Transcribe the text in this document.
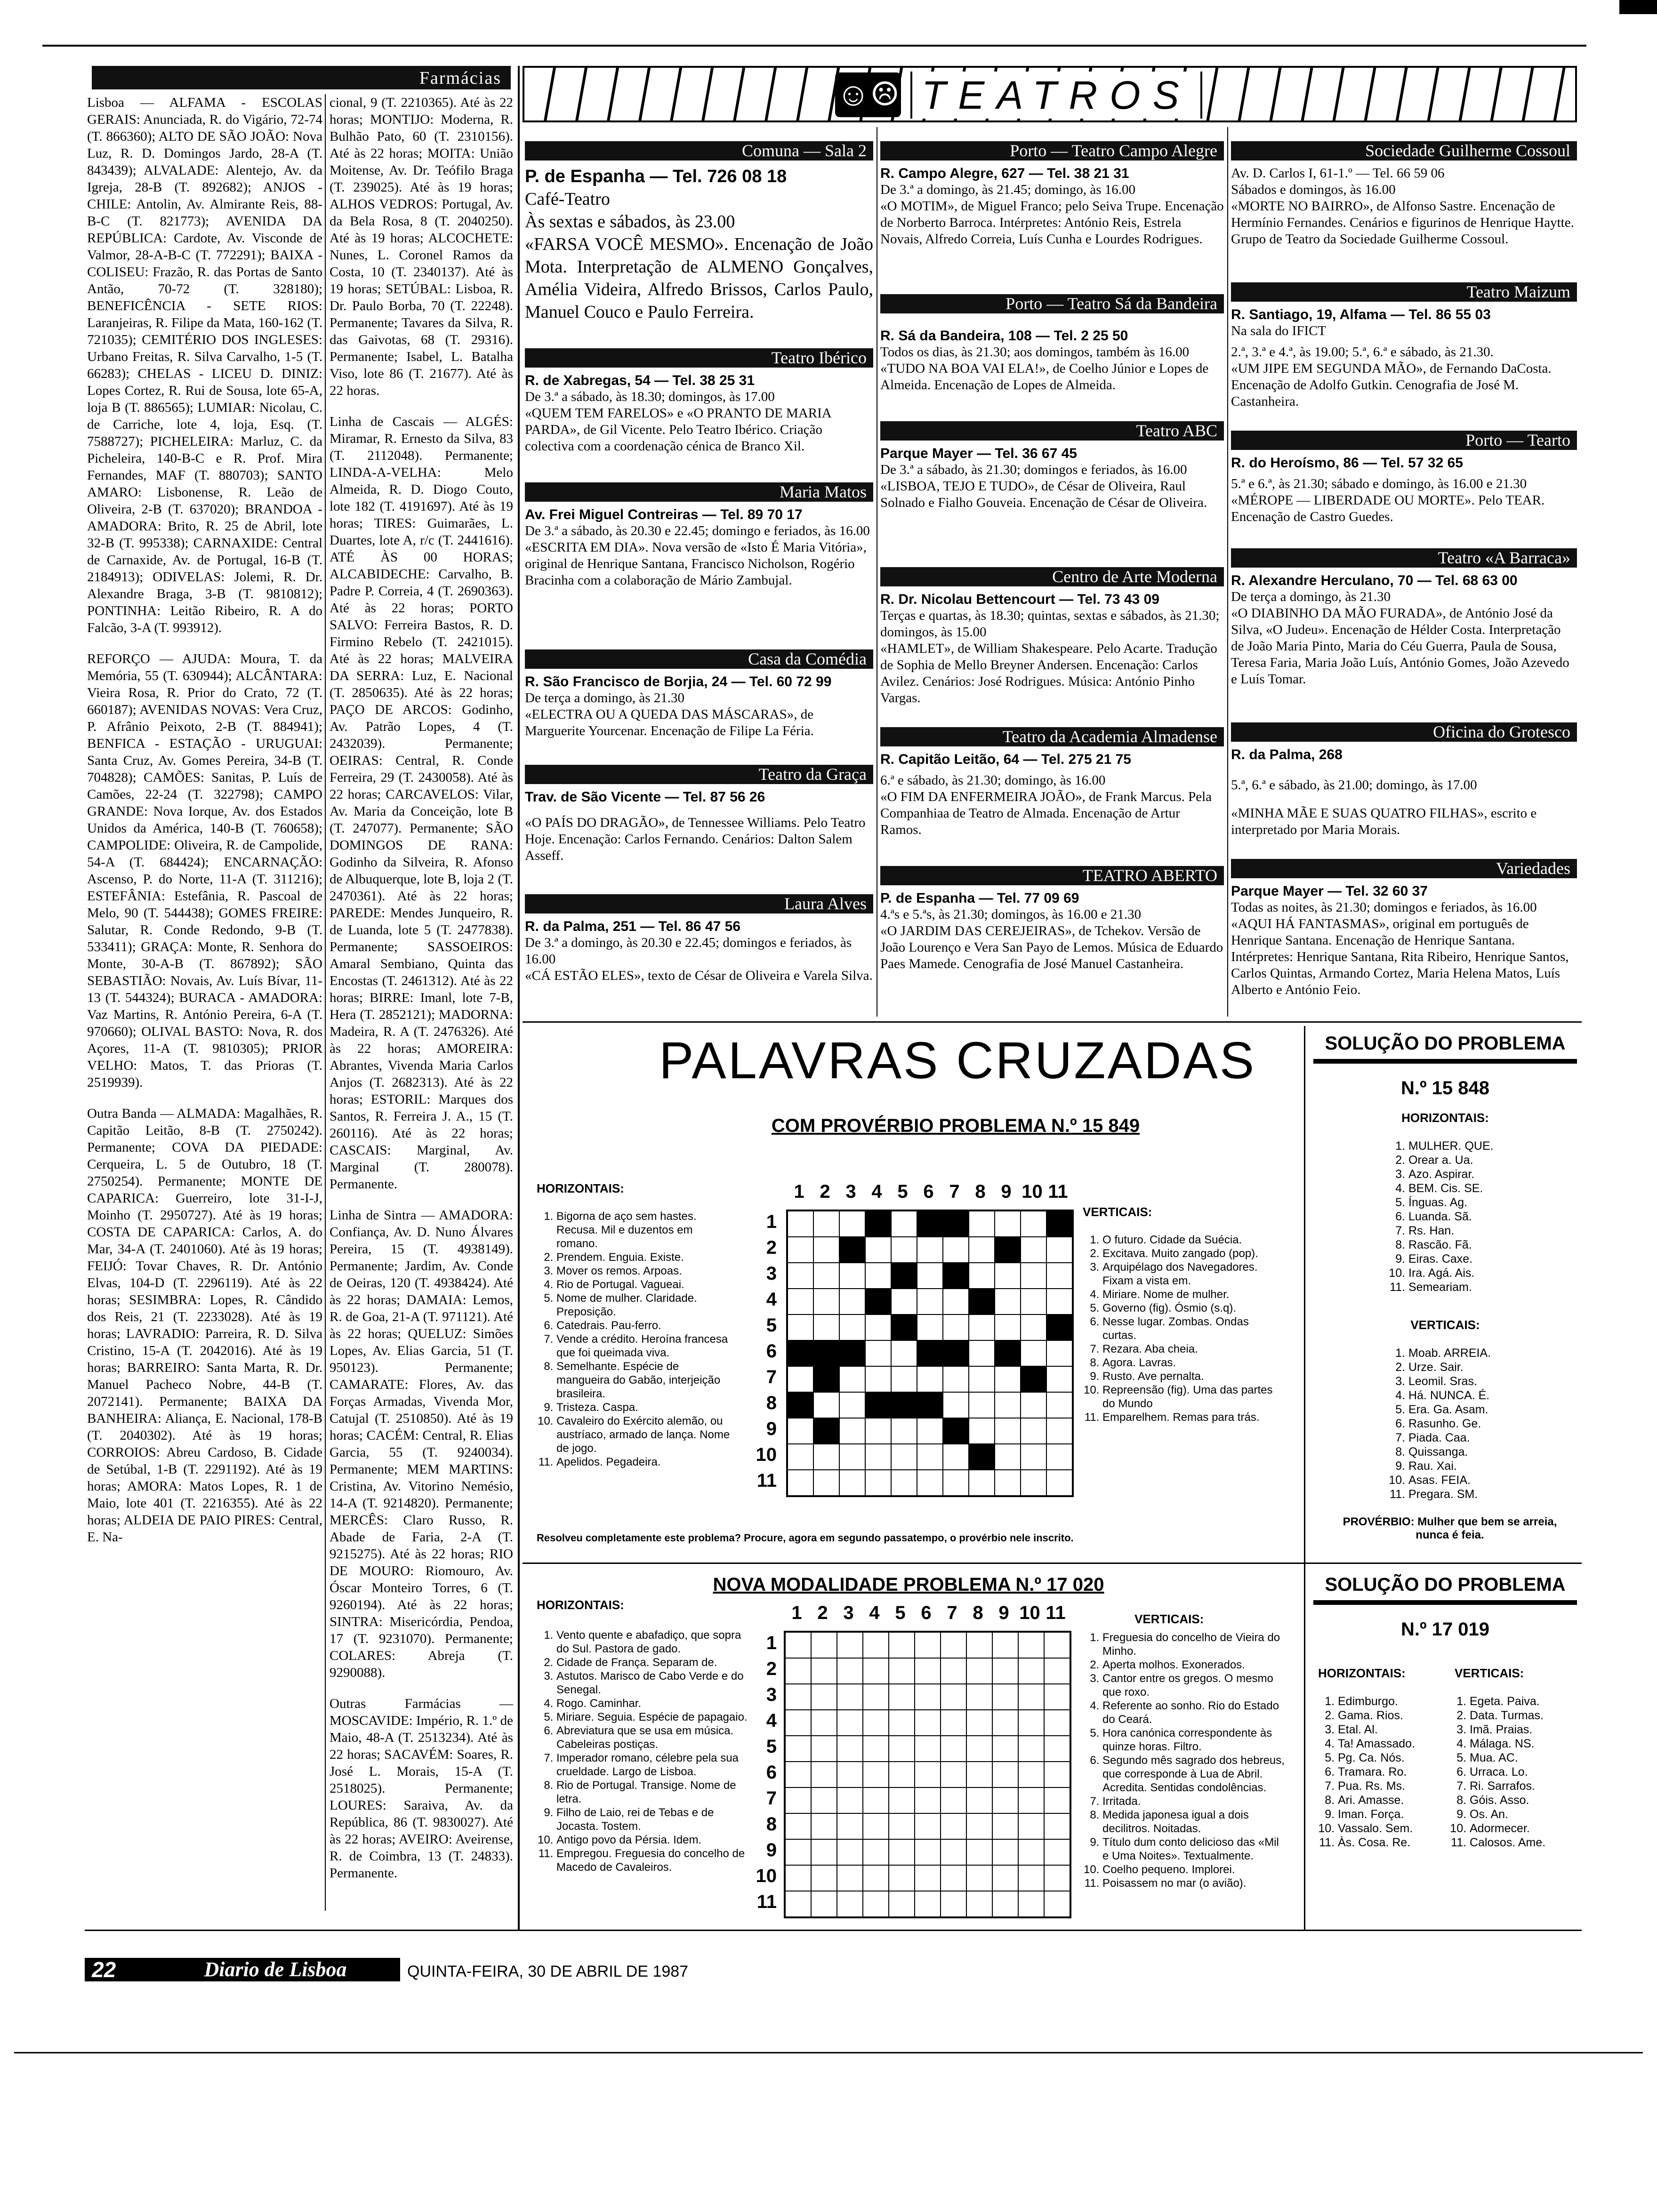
Farmácias

Lisboa — ALFAMA - ESCOLAS GERAIS: Anunciada, R. do Vigário, 72-74 (T. 866360); ALTO DE SÃO JOÃO: Nova Luz, R. D. Domingos Jardo, 28-A (T. 843439); ALVALADE: Alentejo, Av. da Igreja, 28-B (T. 892682); ANJOS - CHILE: Antolin, Av. Almirante Reis, 88-B-C (T. 821773); AVENIDA DA REPÚBLICA: Cardote, Av. Visconde de Valmor, 28-A-B-C (T. 772291); BAIXA - COLISEU: Frazão, R. das Portas de Santo Antão, 70-72 (T. 328180); BENEFICÊNCIA - SETE RIOS: Laranjeiras, R. Filipe da Mata, 160-162 (T. 721035); CEMITÉRIO DOS INGLESES: Urbano Freitas, R. Silva Carvalho, 1-5 (T. 66283); CHELAS - LICEU D. DINIZ: Lopes Cortez, R. Rui de Sousa, lote 65-A, loja B (T. 886565); LUMIAR: Nicolau, C. de Carriche, lote 4, loja, Esq. (T. 7588727); PICHELEIRA: Marluz, C. da Picheleira, 140-B-C e R. Prof. Mira Fernandes, MAF (T. 880703); SANTO AMARO: Lisbonense, R. Leão de Oliveira, 2-B (T. 637020); BRANDOA - AMADORA: Brito, R. 25 de Abril, lote 32-B (T. 995338); CARNAXIDE: Central de Carnaxide, Av. de Portugal, 16-B (T. 2184913); ODIVELAS: Jolemi, R. Dr. Alexandre Braga, 3-B (T. 9810812); PONTINHA: Leitão Ribeiro, R. A do Falcão, 3-A (T. 993912).

REFORÇO — AJUDA: Moura, T. da Memória, 55 (T. 630944); ALCÂNTARA: Vieira Rosa, R. Prior do Crato, 72 (T. 660187); AVENIDAS NOVAS: Vera Cruz, P. Afrânio Peixoto, 2-B (T. 884941); BENFICA - ESTAÇÃO - URUGUAI: Santa Cruz, Av. Gomes Pereira, 34-B (T. 704828); CAMÕES: Sanitas, P. Luís de Camões, 22-24 (T. 322798); CAMPO GRANDE: Nova Iorque, Av. dos Estados Unidos da América, 140-B (T. 760658); CAMPOLIDE: Oliveira, R. de Campolide, 54-A (T. 684424); ENCARNAÇÃO: Ascenso, P. do Norte, 11-A (T. 311216); ESTEFÂNIA: Estefânia, R. Pascoal de Melo, 90 (T. 544438); GOMES FREIRE: Salutar, R. Conde Redondo, 9-B (T. 533411); GRAÇA: Monte, R. Senhora do Monte, 30-A-B (T. 867892); SÃO SEBASTIÃO: Novais, Av. Luís Bívar, 11-13 (T. 544324); BURACA - AMADORA: Vaz Martins, R. António Pereira, 6-A (T. 970660); OLIVAL BASTO: Nova, R. dos Açores, 11-A (T. 9810305); PRIOR VELHO: Matos, T. das Prioras (T. 2519939).

Outra Banda — ALMADA: Magalhães, R. Capitão Leitão, 8-B (T. 2750242). Permanente; COVA DA PIEDADE: Cerqueira, L. 5 de Outubro, 18 (T. 2750254). Permanente; MONTE DE CAPARICA: Guerreiro, lote 31-I-J, Moinho (T. 2950727). Até às 19 horas; COSTA DE CAPARICA: Carlos, A. do Mar, 34-A (T. 2401060). Até às 19 horas; FEIJÓ: Tovar Chaves, R. Dr. António Elvas, 104-D (T. 2296119). Até às 22 horas; SESIMBRA: Lopes, R. Cândido dos Reis, 21 (T. 2233028). Até às 19 horas; LAVRADIO: Parreira, R. D. Silva Cristino, 15-A (T. 2042016). Até às 19 horas; BARREIRO: Santa Marta, R. Dr. Manuel Pacheco Nobre, 44-B (T. 2072141). Permanente; BAIXA DA BANHEIRA: Aliança, E. Nacional, 178-B (T. 2040302). Até às 19 horas; CORROIOS: Abreu Cardoso, B. Cidade de Setúbal, 1-B (T. 2291192). Até às 19 horas; AMORA: Matos Lopes, R. 1 de Maio, lote 401 (T. 2216355). Até às 22 horas; ALDEIA DE PAIO PIRES: Central, E. Na-

cional, 9 (T. 2210365). Até às 22 horas; MONTIJO: Moderna, R. Bulhão Pato, 60 (T. 2310156). Até às 22 horas; MOITA: União Moitense, Av. Dr. Teófilo Braga (T. 239025). Até às 19 horas; ALHOS VEDROS: Portugal, Av. da Bela Rosa, 8 (T. 2040250). Até às 19 horas; ALCOCHETE: Nunes, L. Coronel Ramos da Costa, 10 (T. 2340137). Até às 19 horas; SETÚBAL: Lisboa, R. Dr. Paulo Borba, 70 (T. 22248). Permanente; Tavares da Silva, R. das Gaivotas, 68 (T. 29316). Permanente; Isabel, L. Batalha Viso, lote 86 (T. 21677). Até às 22 horas.

Linha de Cascais — ALGÉS: Miramar, R. Ernesto da Silva, 83 (T. 2112048). Permanente; LINDA-A-VELHA: Melo Almeida, R. D. Diogo Couto, lote 182 (T. 4191697). Até às 19 horas; TIRES: Guimarães, L. Duartes, lote A, r/c (T. 2441616). ATÉ ÀS 00 HORAS; ALCABIDECHE: Carvalho, B. Padre P. Correia, 4 (T. 2690363). Até às 22 horas; PORTO SALVO: Ferreira Bastos, R. D. Firmino Rebelo (T. 2421015). Até às 22 horas; MALVEIRA DA SERRA: Luz, E. Nacional (T. 2850635). Até às 22 horas; PAÇO DE ARCOS: Godinho, Av. Patrão Lopes, 4 (T. 2432039). Permanente; OEIRAS: Central, R. Conde Ferreira, 29 (T. 2430058). Até às 22 horas; CARCAVELOS: Vilar, Av. Maria da Conceição, lote B (T. 247077). Permanente; SÃO DOMINGOS DE RANA: Godinho da Silveira, R. Afonso de Albuquerque, lote B, loja 2 (T. 2470361). Até às 22 horas; PAREDE: Mendes Junqueiro, R. de Luanda, lote 5 (T. 2477838). Permanente; SASSOEIROS: Amaral Sembiano, Quinta das Encostas (T. 2461312). Até às 22 horas; BIRRE: Imanl, lote 7-B, Hera (T. 2852121); MADORNA: Madeira, R. A (T. 2476326). Até às 22 horas; AMOREIRA: Abrantes, Vivenda Maria Carlos Anjos (T. 2682313). Até às 22 horas; ESTORIL: Marques dos Santos, R. Ferreira J. A., 15 (T. 260116). Até às 22 horas; CASCAIS: Marginal, Av. Marginal (T. 280078). Permanente.

Linha de Sintra — AMADORA: Confiança, Av. D. Nuno Álvares Pereira, 15 (T. 4938149). Permanente; Jardim, Av. Conde de Oeiras, 120 (T. 4938424). Até às 22 horas; DAMAIA: Lemos, R. de Goa, 21-A (T. 971121). Até às 22 horas; QUELUZ: Simões Lopes, Av. Elias Garcia, 51 (T. 950123). Permanente; CAMARATE: Flores, Av. das Forças Armadas, Vivenda Mor, Catujal (T. 2510850). Até às 19 horas; CACÉM: Central, R. Elias Garcia, 55 (T. 9240034). Permanente; MEM MARTINS: Cristina, Av. Vitorino Nemésio, 14-A (T. 9214820). Permanente; MERCÊS: Claro Russo, R. Abade de Faria, 2-A (T. 9215275). Até às 22 horas; RIO DE MOURO: Riomouro, Av. Óscar Monteiro Torres, 6 (T. 9260194). Até às 22 horas; SINTRA: Misericórdia, Pendoa, 17 (T. 9231070). Permanente; COLARES: Abreja (T. 9290088).

Outras Farmácias — MOSCAVIDE: Império, R. 1.º de Maio, 48-A (T. 2513234). Até às 22 horas; SACAVÉM: Soares, R. José L. Morais, 15-A (T. 2518025). Permanente; LOURES: Saraiva, Av. da República, 86 (T. 9830027). Até às 22 horas; AVEIRO: Aveirense, R. de Coimbra, 13 (T. 24833). Permanente.

☺☹ TEATROS
Comuna — Sala 2
P. de Espanha — Tel. 726 08 18
Café-Teatro
Às sextas e sábados, às 23.00
«FARSA VOCÊ MESMO». Encenação de João Mota. Interpretação de ALMENO Gonçalves, Amélia Videira, Alfredo Brissos, Carlos Paulo, Manuel Couco e Paulo Ferreira.
Teatro Ibérico
R. de Xabregas, 54 — Tel. 38 25 31
De 3.ª a sábado, às 18.30; domingos, às 17.00
«QUEM TEM FARELOS» e «O PRANTO DE MARIA PARDA», de Gil Vicente. Pelo Teatro Ibérico. Criação colectiva com a coordenação cénica de Branco Xil.
Maria Matos
Av. Frei Miguel Contreiras — Tel. 89 70 17
De 3.ª a sábado, às 20.30 e 22.45; domingo e feriados, às 16.00
«ESCRITA EM DIA». Nova versão de «Isto É Maria Vitória», original de Henrique Santana, Francisco Nicholson, Rogério Bracinha com a colaboração de Mário Zambujal.
Casa da Comédia
R. São Francisco de Borjia, 24 — Tel. 60 72 99
De terça a domingo, às 21.30
«ELECTRA OU A QUEDA DAS MÁSCARAS», de Marguerite Yourcenar. Encenação de Filipe La Féria.
Teatro da Graça
Trav. de São Vicente — Tel. 87 56 26
«O PAÍS DO DRAGÃO», de Tennessee Williams. Pelo Teatro Hoje. Encenação: Carlos Fernando. Cenários: Dalton Salem Asseff.
Laura Alves
R. da Palma, 251 — Tel. 86 47 56
De 3.ª a domingo, às 20.30 e 22.45; domingos e feriados, às 16.00
«CÁ ESTÃO ELES», texto de César de Oliveira e Varela Silva.
Porto — Teatro Campo Alegre
R. Campo Alegre, 627 — Tel. 38 21 31
De 3.ª a domingo, às 21.45; domingo, às 16.00
«O MOTIM», de Miguel Franco; pelo Seiva Trupe. Encenação de Norberto Barroca. Intérpretes: António Reis, Estrela Novais, Alfredo Correia, Luís Cunha e Lourdes Rodrigues.
Porto — Teatro Sá da Bandeira
R. Sá da Bandeira, 108 — Tel. 2 25 50
Todos os dias, às 21.30; aos domingos, também às 16.00
«TUDO NA BOA VAI ELA!», de Coelho Júnior e Lopes de Almeida. Encenação de Lopes de Almeida.
Teatro ABC
Parque Mayer — Tel. 36 67 45
De 3.ª a sábado, às 21.30; domingos e feriados, às 16.00
«LISBOA, TEJO E TUDO», de César de Oliveira, Raul Solnado e Fialho Gouveia. Encenação de César de Oliveira.
Centro de Arte Moderna
R. Dr. Nicolau Bettencourt — Tel. 73 43 09
Terças e quartas, às 18.30; quintas, sextas e sábados, às 21.30; domingos, às 15.00
«HAMLET», de William Shakespeare. Pelo Acarte. Tradução de Sophia de Mello Breyner Andersen. Encenação: Carlos Avilez. Cenários: José Rodrigues. Música: António Pinho Vargas.
Teatro da Academia Almadense
R. Capitão Leitão, 64 — Tel. 275 21 75
6.ª e sábado, às 21.30; domingo, às 16.00
«O FIM DA ENFERMEIRA JOÃO», de Frank Marcus. Pela Companhiaa de Teatro de Almada. Encenação de Artur Ramos.
TEATRO ABERTO
P. de Espanha — Tel. 77 09 69
4.ªs e 5.ªs, às 21.30; domingos, às 16.00 e 21.30
«O JARDIM DAS CEREJEIRAS», de Tchekov. Versão de João Lourenço e Vera San Payo de Lemos. Música de Eduardo Paes Mamede. Cenografia de José Manuel Castanheira.
Sociedade Guilherme Cossoul
Av. D. Carlos I, 61-1.º — Tel. 66 59 06
Sábados e domingos, às 16.00
«MORTE NO BAIRRO», de Alfonso Sastre. Encenação de Hermínio Fernandes. Cenários e figurinos de Henrique Haytte. Grupo de Teatro da Sociedade Guilherme Cossoul.
Teatro Maizum
R. Santiago, 19, Alfama — Tel. 86 55 03
Na sala do IFICT
2.ª, 3.ª e 4.ª, às 19.00; 5.ª, 6.ª e sábado, às 21.30.
«UM JIPE EM SEGUNDA MÃO», de Fernando DaCosta. Encenação de Adolfo Gutkin. Cenografia de José M. Castanheira.
Porto — Tearto
R. do Heroísmo, 86 — Tel. 57 32 65
5.ª e 6.ª, às 21.30; sábado e domingo, às 16.00 e 21.30
«MÉROPE — LIBERDADE OU MORTE». Pelo TEAR. Encenação de Castro Guedes.
Teatro «A Barraca»
R. Alexandre Herculano, 70 — Tel. 68 63 00
De terça a domingo, às 21.30
«O DIABINHO DA MÃO FURADA», de António José da Silva, «O Judeu». Encenação de Hélder Costa. Interpretação de João Maria Pinto, Maria do Céu Guerra, Paula de Sousa, Teresa Faria, Maria João Luís, António Gomes, João Azevedo e Luís Tomar.
Oficina do Grotesco
R. da Palma, 268
5.ª, 6.ª e sábado, às 21.00; domingo, às 17.00
«MINHA MÃE E SUAS QUATRO FILHAS», escrito e interpretado por Maria Morais.
Variedades
Parque Mayer — Tel. 32 60 37
Todas as noites, às 21.30; domingos e feriados, às 16.00
«AQUI HÁ FANTASMAS», original em português de Henrique Santana. Encenação de Henrique Santana. Intérpretes: Henrique Santana, Rita Ribeiro, Henrique Santos, Carlos Quintas, Armando Cortez, Maria Helena Matos, Luís Alberto e António Feio.
PALAVRAS CRUZADAS
COM PROVÉRBIO PROBLEMA N.º 15 849
HORIZONTAIS:
1. Bigorna de aço sem hastes. Recusa. Mil e duzentos em romano.
2. Prendem. Enguia. Existe.
3. Mover os remos. Arpoas.
4. Rio de Portugal. Vagueai.
5. Nome de mulher. Claridade. Preposição.
6. Catedrais. Pau-ferro.
7. Vende a crédito. Heroína francesa que foi queimada viva.
8. Semelhante. Espécie de mangueira do Gabão, interjeição brasileira.
9. Tristeza. Caspa.
10. Cavaleiro do Exército alemão, ou austríaco, armado de lança. Nome de jogo.
11. Apelidos. Pegadeira.
VERTICAIS:
1. O futuro. Cidade da Suécia.
2. Excitava. Muito zangado (pop).
3. Arquipélago dos Navegadores. Fixam a vista em.
4. Miriare. Nome de mulher.
5. Governo (fig). Ósmio (s.q).
6. Nesse lugar. Zombas. Ondas curtas.
7. Rezara. Aba cheia.
8. Agora. Lavras.
9. Rusto. Ave pernalta.
10. Repreensão (fig). Uma das partes do Mundo
11. Emparelhem. Remas para trás.
1 2 3 4 5 6 7 8 9 10 11
1
2
3
4
5
6
7
8
9
10
11
Resolveu completamente este problema? Procure, agora em segundo passatempo, o provérbio nele inscrito.
SOLUÇÃO DO PROBLEMA
N.º 15 848
HORIZONTAIS:
1. MULHER. QUE.
2. Orear a. Ua.
3. Azo. Aspirar.
4. BEM. Cis. SE.
5. Ínguas. Ag.
6. Luanda. Sã.
7. Rs. Han.
8. Rascão. Fã.
9. Eiras. Caxe.
10. Ira. Agá. Ais.
11. Semeariam.
VERTICAIS:
1. Moab. ARREIA.
2. Urze. Sair.
3. Leomil. Sras.
4. Há. NUNCA. É.
5. Era. Ga. Asam.
6. Rasunho. Ge.
7. Piada. Caa.
8. Quissanga.
9. Rau. Xai.
10. Asas. FEIA.
11. Pregara. SM.
PROVÉRBIO: Mulher que bem se arreia, nunca é feia.
NOVA MODALIDADE PROBLEMA N.º 17 020
HORIZONTAIS:
1. Vento quente e abafadiço, que sopra do Sul. Pastora de gado.
2. Cidade de França. Separam de.
3. Astutos. Marisco de Cabo Verde e do Senegal.
4. Rogo. Caminhar.
5. Miriare. Seguia. Espécie de papagaio.
6. Abreviatura que se usa em música. Cabeleiras postiças.
7. Imperador romano, célebre pela sua crueldade. Largo de Lisboa.
8. Rio de Portugal. Transige. Nome de letra.
9. Filho de Laio, rei de Tebas e de Jocasta. Tostem.
10. Antigo povo da Pérsia. Idem.
11. Empregou. Freguesia do concelho de Macedo de Cavaleiros.
VERTICAIS:
1. Freguesia do concelho de Vieira do Minho.
2. Aperta molhos. Exonerados.
3. Cantor entre os gregos. O mesmo que roxo.
4. Referente ao sonho. Rio do Estado do Ceará.
5. Hora canónica correspondente às quinze horas. Filtro.
6. Segundo mês sagrado dos hebreus, que corresponde à Lua de Abril. Acredita. Sentidas condolências.
7. Irritada.
8. Medida japonesa igual a dois decilitros. Noitadas.
9. Título dum conto delicioso das «Mil e Uma Noites». Textualmente.
10. Coelho pequeno. Implorei.
11. Poisassem no mar (o avião).
1 2 3 4 5 6 7 8 9 10 11
1
2
3
4
5
6
7
8
9
10
11
SOLUÇÃO DO PROBLEMA
N.º 17 019
HORIZONTAIS:	VERTICAIS:
1. Edimburgo.
2. Gama. Rios.
3. Etal. Al.
4. Ta! Amassado.
5. Pg. Ca. Nós.
6. Tramara. Ro.
7. Pua. Rs. Ms.
8. Ari. Amasse.
9. Iman. Força.
10. Vassalo. Sem.
11. Às. Cosa. Re.
1. Egeta. Paiva.
2. Data. Turmas.
3. Imã. Praias.
4. Málaga. NS.
5. Mua. AC.
6. Urraca. Lo.
7. Ri. Sarrafos.
8. Góis. Asso.
9. Os. An.
10. Adormecer.
11. Calosos. Ame.
22	Diario de Lisboa	QUINTA-FEIRA, 30 DE ABRIL DE 1987
